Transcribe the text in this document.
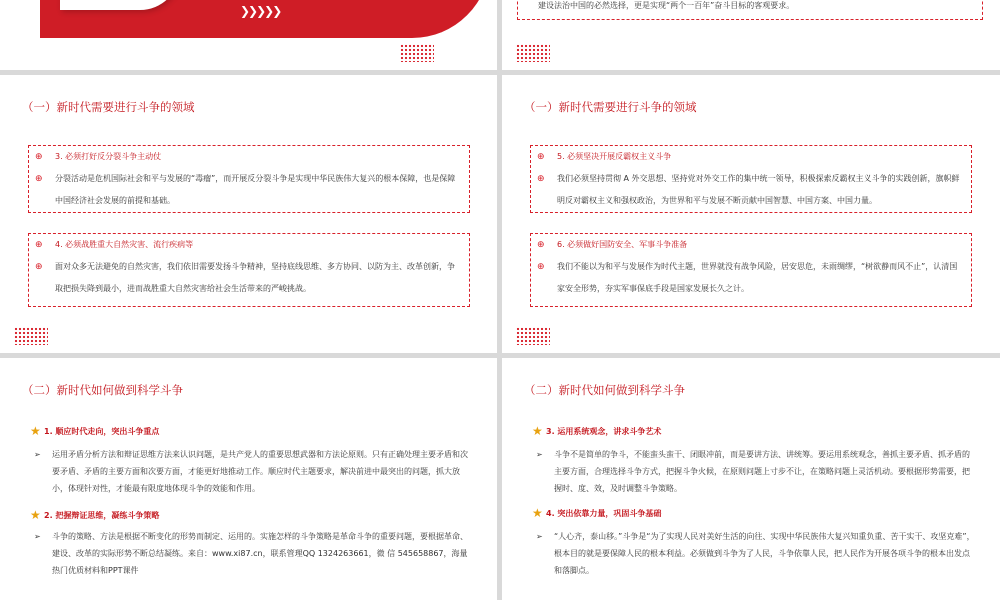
❯❯❯❯❯	建设法治中国的必然选择，更是实现“两个一百年”奋斗目标的客观要求。

（一）新时代需要进行斗争的领域
⊕	3. 必须打好反分裂斗争主动仗
⊕	分裂活动是危机国际社会和平与发展的“毒瘤”，而开展反分裂斗争是实现中华民族伟大复兴的根本保障，也是保障中国经济社会发展的前提和基础。
⊕	4. 必须战胜重大自然灾害、流行疾病等
⊕	面对众多无法避免的自然灾害，我们依旧需要发扬斗争精神，坚持底线思维、多方协同、以防为主、改革创新，争取把损失降到最小，进而战胜重大自然灾害给社会生活带来的严峻挑战。
（一）新时代需要进行斗争的领域
⊕	5. 必须坚决开展反霸权主义斗争
⊕	我们必须坚持贯彻 A 外交思想、坚持党对外交工作的集中统一领导，积极探索反霸权主义斗争的实践创新，旗帜鲜明反对霸权主义和强权政治，为世界和平与发展不断贡献中国智慧、中国方案、中国力量。
⊕	6. 必须做好国防安全、军事斗争准备
⊕	我们不能以为和平与发展作为时代主题，世界就没有战争风险，居安思危，未雨绸缪，“树欲静而风不止”，认清国家安全形势，夯实军事保底手段是国家发展长久之计。
（二）新时代如何做到科学斗争
★ 1. 顺应时代走向，突出斗争重点
➢	运用矛盾分析方法和辩证思维方法来认识问题，是共产党人的重要思想武器和方法论原则。只有正确处理主要矛盾和次要矛盾、矛盾的主要方面和次要方面，才能更好地推动工作。顺应时代主题要求，解决前进中最突出的问题，抓大放小，体现针对性，才能最有限度地体现斗争的效能和作用。
★ 2. 把握辩证思维，凝练斗争策略
➢	斗争的策略、方法是根据不断变化的形势而制定、运用的。实施怎样的斗争策略是革命斗争的重要问题，要根据革命、建设、改革的实际形势不断总结凝练。来自：www.xi87.cn，联系管理QQ 1324263661，微 信 545658867，海量热门优质材料和PPT课件
（二）新时代如何做到科学斗争
★ 3. 运用系统观念，讲求斗争艺术
➢	斗争不是简单的争斗，不能蛮头蛮干、闭眼冲前，而是要讲方法、讲统筹。要运用系统观念，善抓主要矛盾、抓矛盾的主要方面，合理选择斗争方式，把握斗争火候，在原则问题上寸步不让，在策略问题上灵活机动。要根据形势需要，把握时、度、效，及时调整斗争策略。
★ 4. 突出依靠力量，巩固斗争基础
➢	“人心齐，泰山移。”斗争是“为了实现人民对美好生活的向往、实现中华民族伟大复兴知重负重、苦干实干、攻坚克难”，根本目的就是要保障人民的根本利益。必须做到斗争为了人民，斗争依靠人民，把人民作为开展各项斗争的根本出发点和落脚点。
